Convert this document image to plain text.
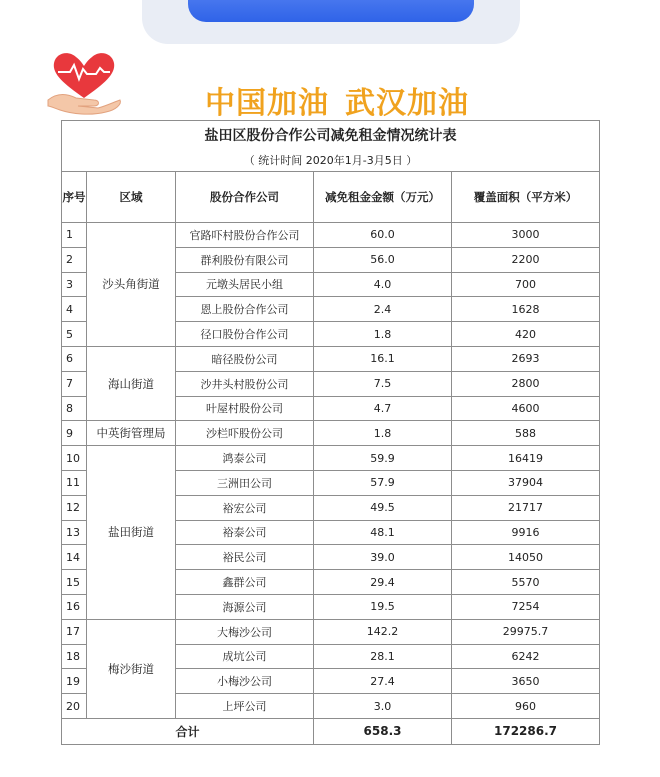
中国加油 武汉加油
盐田区股份合作公司减免租金情况统计表				
（ 统计时间 2020年1月-3月5日 ）				
序号	区域	股份合作公司	减免租金金额（万元）	覆盖面积（平方米）
1	沙头角街道	官路吓村股份合作公司	60.0	3000
2		群利股份有限公司	56.0	2200
3		元墩头居民小组	4.0	700
4		恩上股份合作公司	2.4	1628
5		径口股份合作公司	1.8	420
6	海山街道	暗径股份公司	16.1	2693
7		沙井头村股份公司	7.5	2800
8		叶屋村股份公司	4.7	4600
9	中英街管理局	沙栏吓股份公司	1.8	588
10	盐田街道	鸿泰公司	59.9	16419
11		三洲田公司	57.9	37904
12		裕宏公司	49.5	21717
13		裕泰公司	48.1	9916
14		裕民公司	39.0	14050
15		鑫群公司	29.4	5570
16		海源公司	19.5	7254
17	梅沙街道	大梅沙公司	142.2	29975.7
18		成坑公司	28.1	6242
19		小梅沙公司	27.4	3650
20		上坪公司	3.0	960
合计			658.3	172286.7
